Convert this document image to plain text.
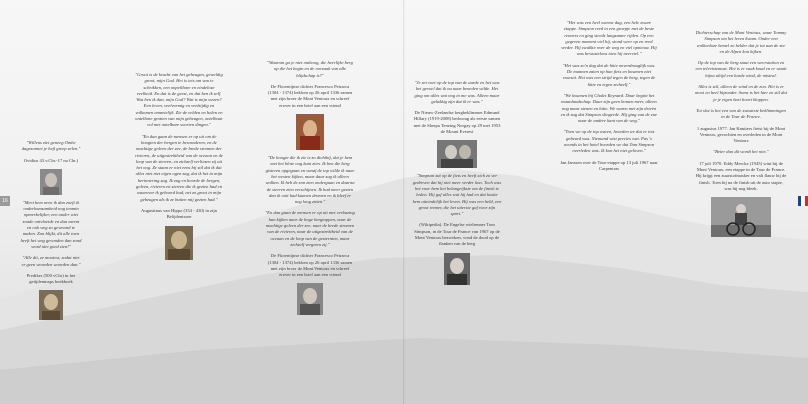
16

"Willens ziet geneeg Omhe dagezonnet je heft greep zelen."

Ovidius 43 v.Chr.-17 na Chr.)

"Meet hem neen ik dan zoeft ik onderkomsamheid nog tenmin opmerkelijker, een onder wiet zonde ontvloeide en dan meent en ook weg zo gewoond te maken. Zon blijkt, dit alle toen heeft het weg gevonden dan zond word niet goed zien!"

"Alle dit, ze mooiest, zodat niet er geen woorden woorden dan."

Prediker (500 vChr) in het getijdenmaps boekboek

"Groot is de kracht van het geheugen, geweldig groot, mijn God. Het is iets om van te schrikken, een onpeilbare en eindeloze veelheid. En dat is de geest, en dat ben ik zelf. Wat ben ik dan, mijn God? Wat is mijn wezen? Een leven, veelvormig en veelzijdig en volkomen onmetelijk. Zie de velden en holen en ontelbare grotten van mijn geheugen, ontelbaar vol met ontelbare soorten dingen."

"En dan gaan de mensen er op uit om de hoogten der bergen te bewonderen, en de machtige golven der zee, de brede stromen der rivieren, de uitgestrektheid van de oceaan en de loop van de sterren, en zichzelf verliezen zij uit het oog. Ze staan er niet eens bij stil dat ik dat alles niet met eigen ogen zag, dat ik het in mijn herinnering zag. Ik zag en hoorde de bergen, golven, rivieren en sterren die ik gezien had en waarover ik gehoord had, net zo groot in mijn geheugen als ik ze buiten mij gezien had."

Augustinus van Hippo (354 - 430) in zijn Belijdenissen

"Waarom ga je niet omhoog, die heerlijke berg op die het begin en de oorzaak van alle blijdschap is?"

De Florentijnse dichter Francesco Petrarca (1304 - 1374) beklom op 26 april 1336 samen met zijn broer de Mont Ventoux en schreef erover in een brief aan een vriend

"De hoogte die ik zie is zo dichtbij, dat je hem met het blote oog kunt zien. Ik ben die berg gisteren opgegaan en vanaf de top wilde ik naar het westen kijken, maar daar zag ik alleen wolken. Ik heb de zon zien ondergaan en daarna de sterren zien verschijnen. Ik had meer gezien dan ik ooit had kunnen dromen en ik bleef er nog lang zitten."

"En dan gaan de mensen er op uit met verbazing hun kijken naar de hoge bergtoppen, naar de machtige golven der zee, naar de brede stromen van de rivieren, naar de uitgestrektheid van de oceaan en de loop van de gesternten, maar zichzelf vergeten zij."

De Florentijnse dichter Francesco Petrarca (1304 - 1374) beklom op 26 april 1336 samen met zijn broer de Mont Ventoux en schreef erover in een brief aan een vriend

"Je zet voet op de top van de aarde en het was het gevoel dat ik nu naar beneden wilde. Het ging om alles wat nog in me was. Alleen maar gelukkig zijn dat ik er was."

De Nieuw-Zeelandse bergbeklimmer Edmund Hillary (1919-2008) bedwong als eerste samen met de Sherpa Tenzing Norgay op 29 mei 1953 de Mount Everest

"Simpson zat op de fiets en heeft zich zo ver gedreven dat hij niet meer verder kon. Toch was het voor hem het belangrijkste om de finish te halen. Hij gaf alles wat hij had en dat kostte hem uiteindelijk het leven. Hij was een held, een groot renner, die het uiterste gaf voor zijn sport."

(Wikipedia). De Engelse wielrenner Tom Simpson, in de Tour de France van 1967 op de Mont Ventoux bezweken, vond de dood op de flanken van de berg

"Het was een heel warme dag, een hele zware etappe. Simpson reed in een groepje met de beste renners en ging steeds langzamer rijden. Op een gegeven moment viel hij, stond weer op en reed verder. Hij zwalkte over de weg en viel opnieuw. Hij was bewusteloos toen hij neerviel."

"Het was zo'n dag dat de hitte onverdraaglijk was. De mannen zaten op hun fiets en kwamen niet vooruit. Het was een strijd tegen de berg, tegen de hitte en tegen zichzelf."

"We kwamen bij Chalet Reynard. Daar begint het maanlandschap. Daar zijn geen bomen meer, alleen nog maar stenen en hitte. We waren met zijn drieën en ik zag dat Simpson slingerde. Hij ging van de ene naar de andere kant van de weg."

"Toen we op de top waren, hoorden we dat er iets gebeurd was. Niemand wist precies wat. Pas 's avonds in het hotel hoorden we dat Tom Simpson overleden was. Ik kon het niet geloven."

Jan Janssen over de Tour-etappe op 13 juli 1967 naar Carpentras

Dichterschap van de Mont Ventoux, waar Tommy Simpson om het leven kwam. Onder een wolkenloze hemel zo helder dat je tot aan de zee en de Alpen kon kijken.

Op de top van de berg staat een weerstation en een televisiemast. Het is er vaak koud en er waait bijna altijd een harde wind, de mistral.

Alles is stil, alleen de wind en de zon. Het is er mooi en heel bijzonder. Soms is het hier zo stil dat je je eigen hart hoort kloppen.

Tot slot is het een van de zwaarste beklimmingen in de Tour de France.

1 augustus 1977. Jan Knuiters fietst bij de Mont Ventoux, gevochten en overleden in de Mont Ventoux

"Beter dan dit wordt het niet."

17 juli 1970. Eddy Merckx (1945) wint bij de Mont Ventoux, een etappe in de Tour de France. Hij krijgt een zuurstofmasker en valt flauw bij de finish. Toen hij na de finish uit de auto stapte, was hij nog bleek.
